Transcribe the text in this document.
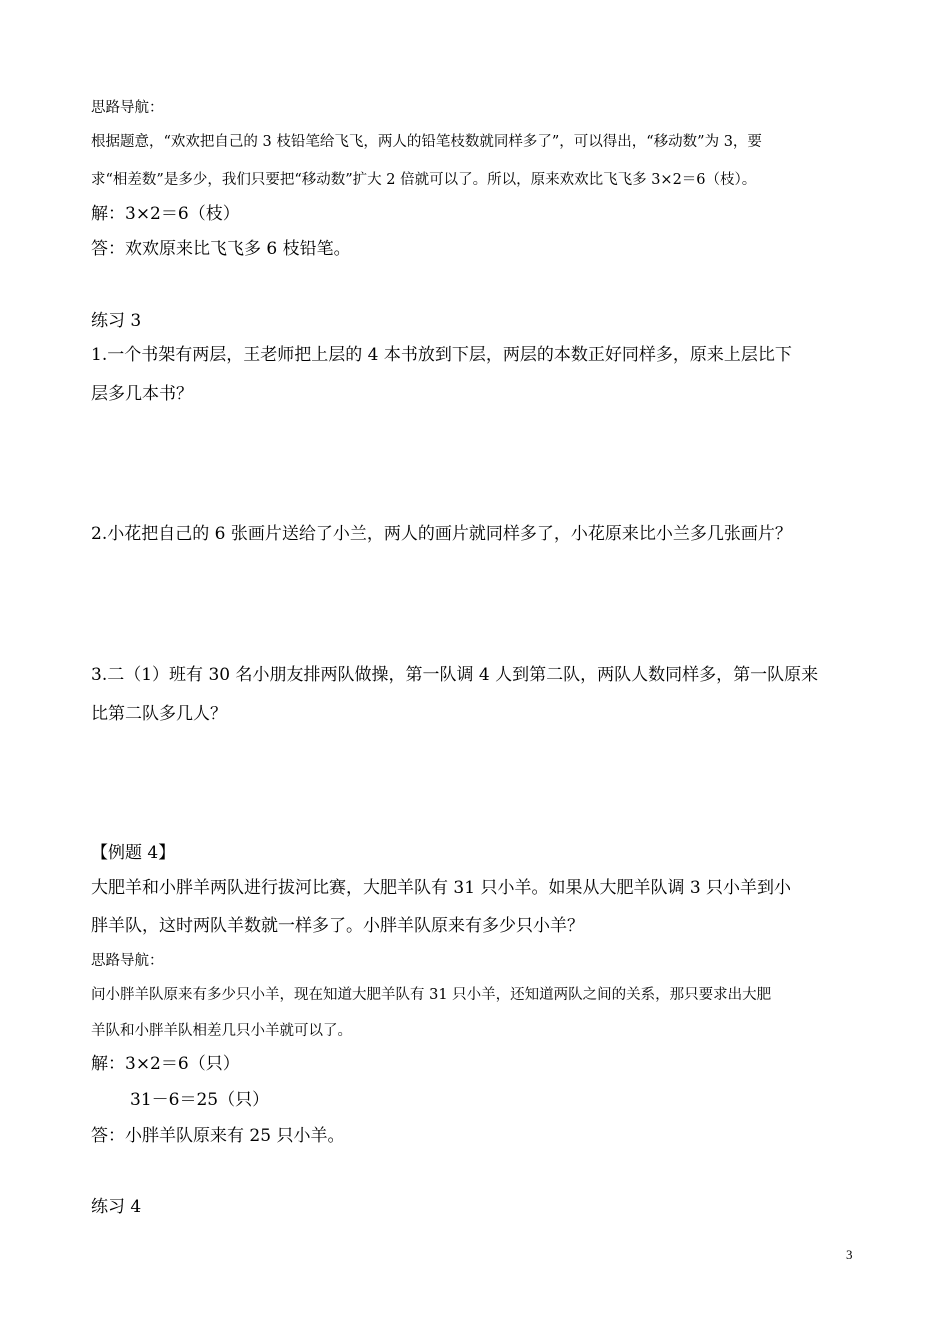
思路导航：
根据题意，“欢欢把自己的 3 枝铅笔给飞飞，两人的铅笔枝数就同样多了”，可以得出，“移动数”为 3，要
求“相差数”是多少，我们只要把“移动数”扩大 2 倍就可以了。所以，原来欢欢比飞飞多 3×2＝6（枝）。
解：3×2＝6（枝）
答：欢欢原来比飞飞多 6 枝铅笔。
练习 3
1.一个书架有两层，王老师把上层的 4 本书放到下层，两层的本数正好同样多，原来上层比下
层多几本书？
2.小花把自己的 6 张画片送给了小兰，两人的画片就同样多了，小花原来比小兰多几张画片？
3.二（1）班有 30 名小朋友排两队做操，第一队调 4 人到第二队，两队人数同样多，第一队原来
比第二队多几人？
【例题 4】
大肥羊和小胖羊两队进行拔河比赛，大肥羊队有 31 只小羊。如果从大肥羊队调 3 只小羊到小
胖羊队，这时两队羊数就一样多了。小胖羊队原来有多少只小羊？
思路导航：
问小胖羊队原来有多少只小羊，现在知道大肥羊队有 31 只小羊，还知道两队之间的关系，那只要求出大肥
羊队和小胖羊队相差几只小羊就可以了。
解：3×2＝6（只）
31－6＝25（只）
答：小胖羊队原来有 25 只小羊。
练习 4
3
